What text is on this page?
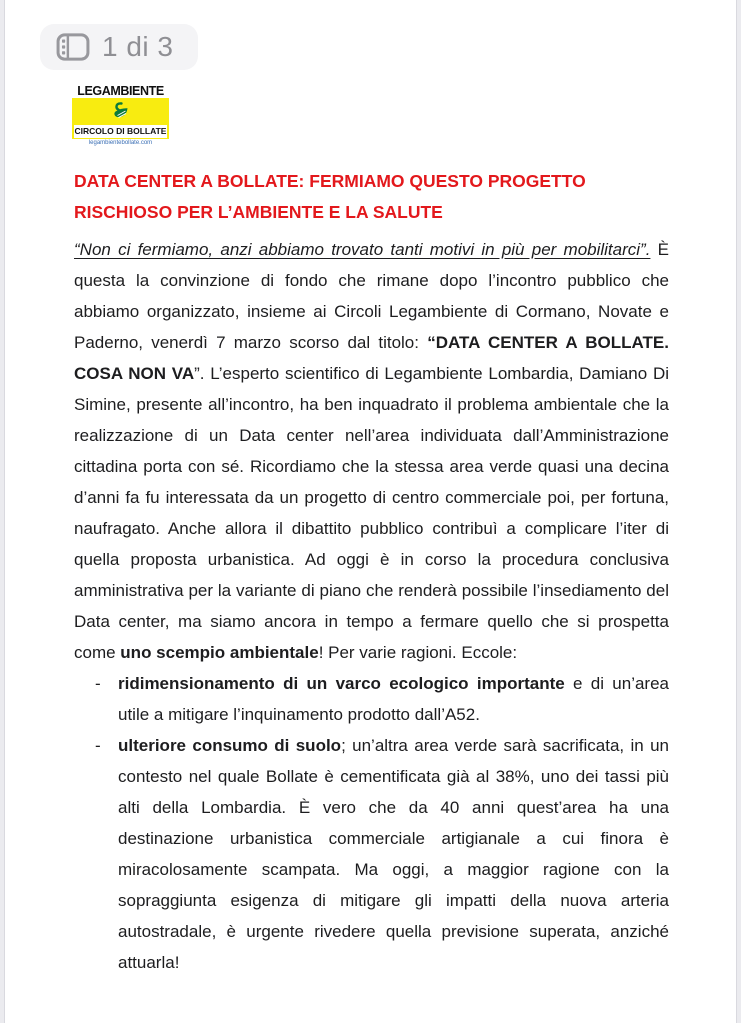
1 di 3
LEGAMBIENTE
CIRCOLO DI BOLLATE
legambientebollate.com
DATA CENTER A BOLLATE: FERMIAMO QUESTO PROGETTO RISCHIOSO PER L’AMBIENTE E LA SALUTE
“Non ci fermiamo, anzi abbiamo trovato tanti motivi in più per mobilitarci”. È questa la convinzione di fondo che rimane dopo l’incontro pubblico che abbiamo organizzato, insieme ai Circoli Legambiente di Cormano, Novate e Paderno, venerdì 7 marzo scorso dal titolo: “DATA CENTER A BOLLATE. COSA NON VA”. L’esperto scientifico di Legambiente Lombardia, Damiano Di Simine, presente all’incontro, ha ben inquadrato il problema ambientale che la realizzazione di un Data center nell’area individuata dall’Amministrazione cittadina porta con sé. Ricordiamo che la stessa area verde quasi una decina d’anni fa fu interessata da un progetto di centro commerciale poi, per fortuna, naufragato. Anche allora il dibattito pubblico contribuì a complicare l’iter di quella proposta urbanistica. Ad oggi è in corso la procedura conclusiva amministrativa per la variante di piano che renderà possibile l’insediamento del Data center, ma siamo ancora in tempo a fermare quello che si prospetta come uno scempio ambientale! Per varie ragioni. Eccole:
-	ridimensionamento di un varco ecologico importante e di un’area utile a mitigare l’inquinamento prodotto dall’A52.
-	ulteriore consumo di suolo; un’altra area verde sarà sacrificata, in un contesto nel quale Bollate è cementificata già al 38%, uno dei tassi più alti della Lombardia. È vero che da 40 anni quest’area ha una destinazione urbanistica commerciale artigianale a cui finora è miracolosamente scampata. Ma oggi, a maggior ragione con la sopraggiunta esigenza di mitigare gli impatti della nuova arteria autostradale, è urgente rivedere quella previsione superata, anziché attuarla!
